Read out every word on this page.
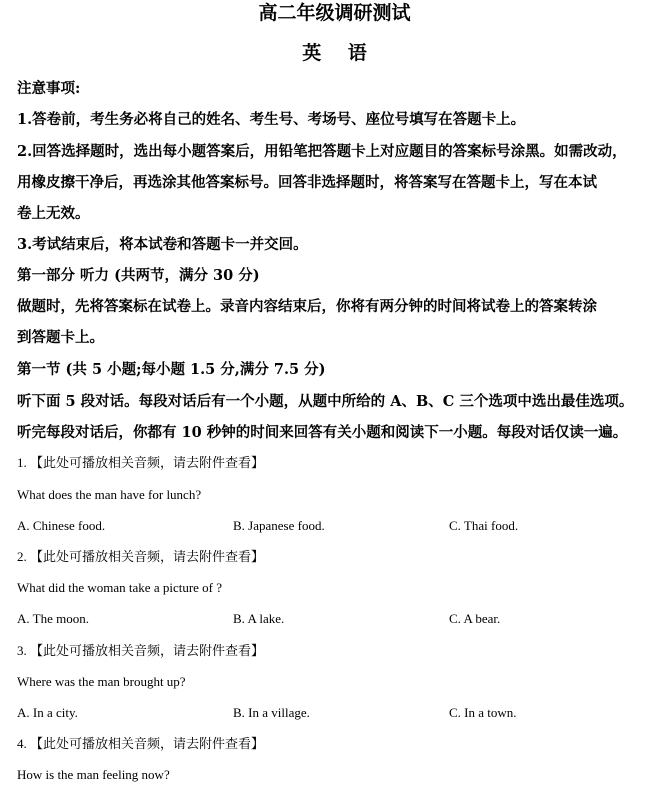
高二年级调研测试
英 语
注意事项:
1.答卷前，考生务必将自己的姓名、考生号、考场号、座位号填写在答题卡上。
2.回答选择题时，选出每小题答案后，用铅笔把答题卡上对应题目的答案标号涂黑。如需改动，
用橡皮擦干净后，再选涂其他答案标号。回答非选择题时，将答案写在答题卡上，写在本试
卷上无效。
3.考试结束后，将本试卷和答题卡一并交回。
第一部分 听力 (共两节，满分 30 分)
做题时，先将答案标在试卷上。录音内容结束后，你将有两分钟的时间将试卷上的答案转涂
到答题卡上。
第一节 (共 5 小题;每小题 1.5 分,满分 7.5 分)
听下面 5 段对话。每段对话后有一个小题，从题中所给的 A、B、C 三个选项中选出最佳选项。
听完每段对话后，你都有 10 秒钟的时间来回答有关小题和阅读下一小题。每段对话仅读一遍。
1. 【此处可播放相关音频，请去附件查看】
What does the man have for lunch?
A. Chinese food.	B. Japanese food.	C. Thai food.
2. 【此处可播放相关音频，请去附件查看】
What did the woman take a picture of ?
A. The moon.	B. A lake.	C. A bear.
3. 【此处可播放相关音频，请去附件查看】
Where was the man brought up?
A. In a city.	B. In a village.	C. In a town.
4. 【此处可播放相关音频，请去附件查看】
How is the man feeling now?
